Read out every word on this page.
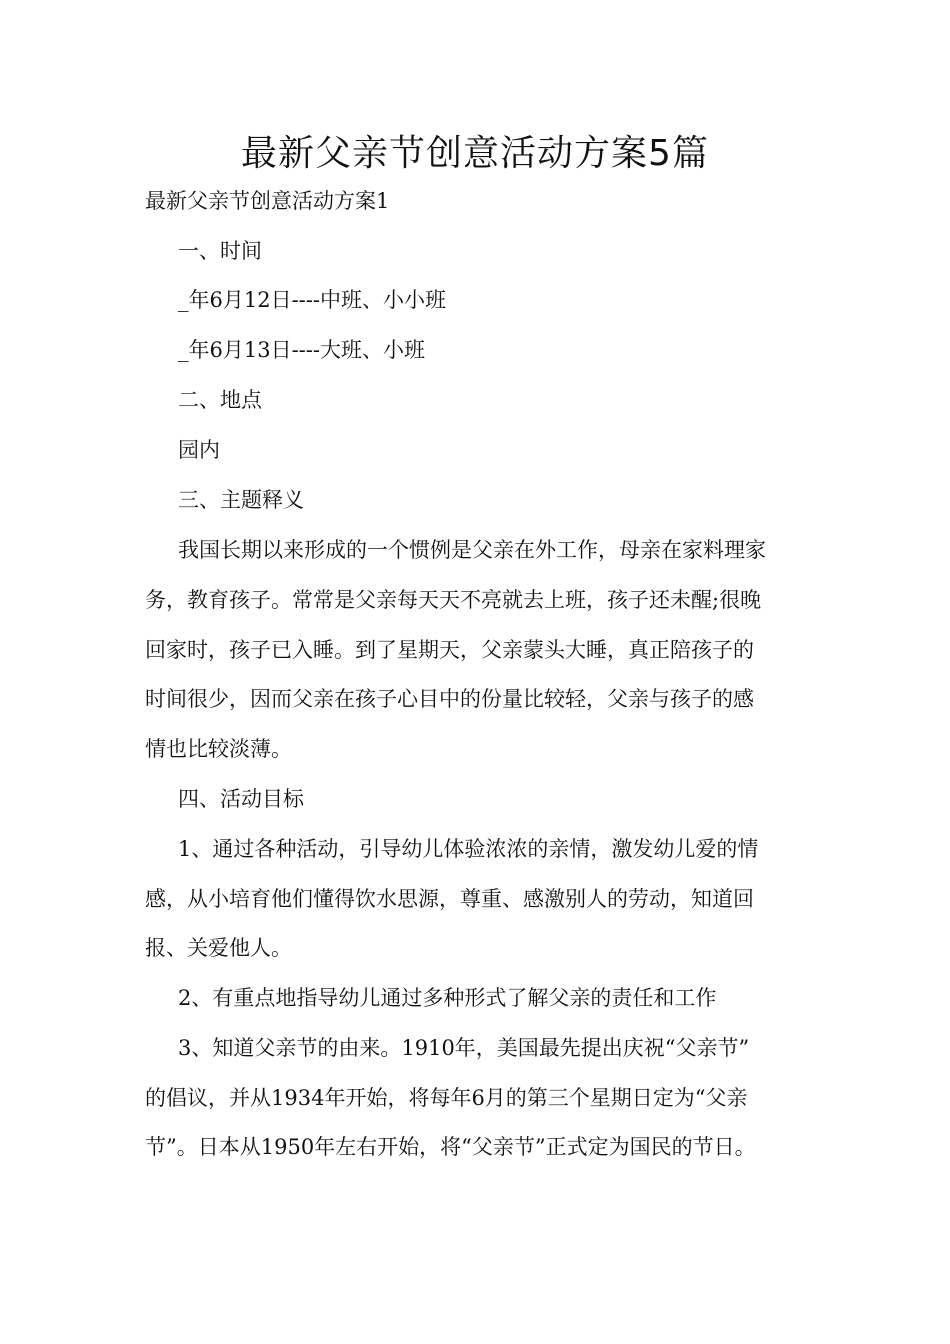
最新父亲节创意活动方案5篇

最新父亲节创意活动方案1

一、时间

_年6月12日----中班、小小班

_年6月13日----大班、小班

二、地点

园内

三、主题释义

我国长期以来形成的一个惯例是父亲在外工作，母亲在家料理家

务，教育孩子。常常是父亲每天天不亮就去上班，孩子还未醒;很晚

回家时，孩子已入睡。到了星期天，父亲蒙头大睡，真正陪孩子的

时间很少，因而父亲在孩子心目中的份量比较轻，父亲与孩子的感

情也比较淡薄。

四、活动目标

1、通过各种活动，引导幼儿体验浓浓的亲情，激发幼儿爱的情

感，从小培育他们懂得饮水思源，尊重、感激别人的劳动，知道回

报、关爱他人。

2、有重点地指导幼儿通过多种形式了解父亲的责任和工作

3、知道父亲节的由来。1910年，美国最先提出庆祝“父亲节”

的倡议，并从1934年开始，将每年6月的第三个星期日定为“父亲

节”。日本从1950年左右开始，将“父亲节”正式定为国民的节日。
